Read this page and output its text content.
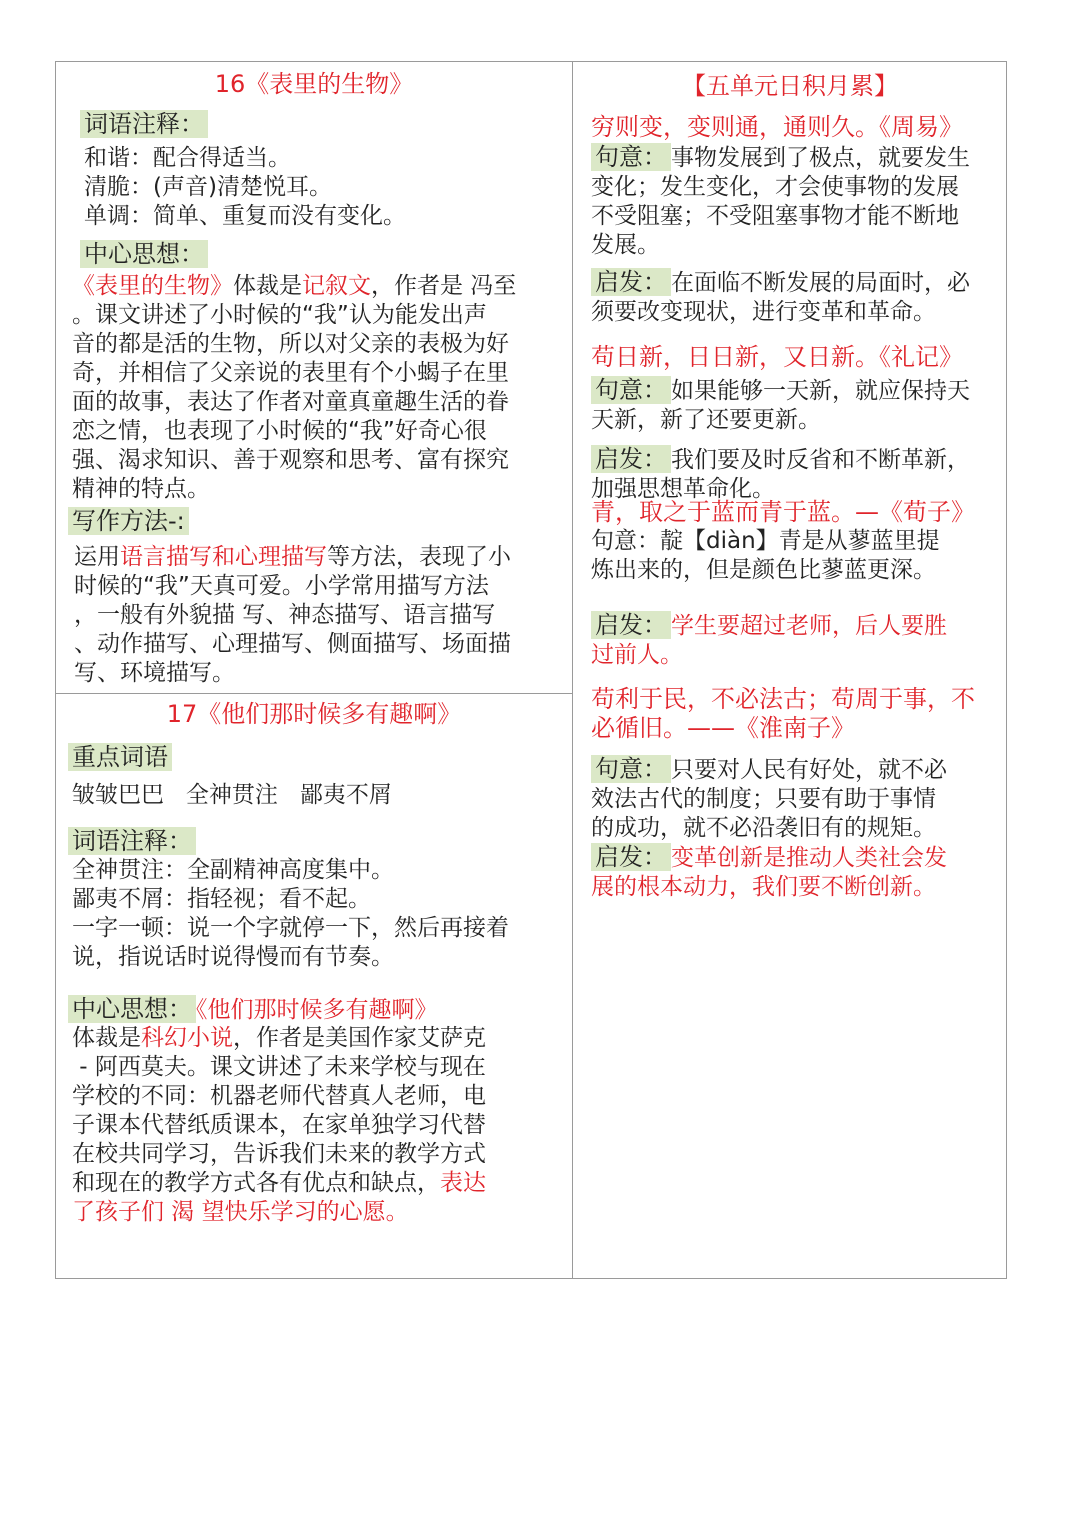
16《表里的生物》
词语注释：
和谐：配合得适当。
清脆：(声音)清楚悦耳。
单调：简单、重复而没有变化。
中心思想：
《表里的生物》体裁是记叙文，作者是 冯至
。课文讲述了小时候的“我”认为能发出声
音的都是活的生物，所以对父亲的表极为好
奇，并相信了父亲说的表里有个小蝎子在里
面的故事，表达了作者对童真童趣生活的眷
恋之情，也表现了小时候的“我”好奇心很
强、渴求知识、善于观察和思考、富有探究
精神的特点。
写作方法-:
运用语言描写和心理描写等方法，表现了小
时候的“我”天真可爱。小学常用描写方法
，一般有外貌描 写、神态描写、语言描写
、动作描写、心理描写、侧面描写、场面描
写、环境描写。
17《他们那时候多有趣啊》
重点词语
皱皱巴巴   全神贯注   鄙夷不屑
词语注释：
全神贯注：全副精神高度集中。
鄙夷不屑：指轻视；看不起。
一字一顿：说一个字就停一下，然后再接着
说，指说话时说得慢而有节奏。
中心思想： 《他们那时候多有趣啊》
体裁是科幻小说，作者是美国作家艾萨克
- 阿西莫夫。课文讲述了未来学校与现在
学校的不同：机器老师代替真人老师，电
子课本代替纸质课本，在家单独学习代替
在校共同学习，告诉我们未来的教学方式
和现在的教学方式各有优点和缺点，表达
了孩子们 渴 望快乐学习的心愿。
【五单元日积月累】
穷则变，变则通，通则久。《周易》
句意： 事物发展到了极点，就要发生
变化；发生变化，才会使事物的发展
不受阻塞；不受阻塞事物才能不断地
发展。
启发： 在面临不断发展的局面时，必
须要改变现状，进行变革和革命。
苟日新，日日新，又日新。《礼记》
句意： 如果能够一天新，就应保持天
天新，新了还要更新。
启发： 我们要及时反省和不断革新，
加强思想革命化。
青，取之于蓝而青于蓝。—《荀子》
句意：靛【diàn】青是从蓼蓝里提
炼出来的，但是颜色比蓼蓝更深。
启发： 学生要超过老师，后人要胜
过前人。
苟利于民，不必法古；苟周于事，不
必循旧。——《淮南子》
句意： 只要对人民有好处，就不必
效法古代的制度；只要有助于事情
的成功，就不必沿袭旧有的规矩。
启发： 变革创新是推动人类社会发
展的根本动力，我们要不断创新。
